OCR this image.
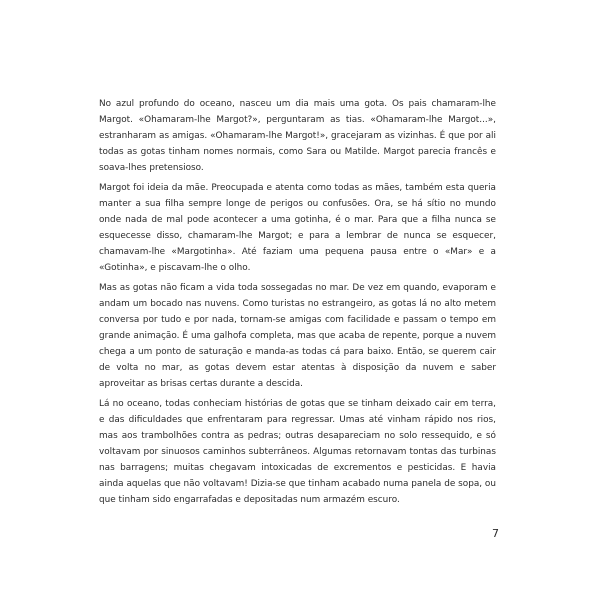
No azul profundo do oceano, nasceu um dia mais uma gota. Os pais chamaram-lhe Margot. «Ohamaram-lhe Margot?», perguntaram as tias. «Ohamaram-lhe Margot...», estranharam as amigas. «Ohamaram-lhe Margot!», gracejaram as vizinhas. É que por ali todas as gotas tinham nomes normais, como Sara ou Matilde. Margot parecia francês e soava-lhes pretensioso.

Margot foi ideia da mãe. Preocupada e atenta como todas as mães, também esta queria manter a sua filha sempre longe de perigos ou confusões. Ora, se há sítio no mundo onde nada de mal pode acontecer a uma gotinha, é o mar. Para que a filha nunca se esquecesse disso, chamaram-lhe Margot; e para a lembrar de nunca se esquecer, chamavam-lhe «Margotinha». Até faziam uma pequena pausa entre o «Mar» e a «Gotinha», e piscavam-lhe o olho.

Mas as gotas não ficam a vida toda sossegadas no mar. De vez em quando, evaporam e andam um bocado nas nuvens. Como turistas no estrangeiro, as gotas lá no alto metem conversa por tudo e por nada, tornam-se amigas com facilidade e passam o tempo em grande animação. É uma galhofa completa, mas que acaba de repente, porque a nuvem chega a um ponto de saturação e manda-as todas cá para baixo. Então, se querem cair de volta no mar, as gotas devem estar atentas à disposição da nuvem e saber aproveitar as brisas certas durante a descida.

Lá no oceano, todas conheciam histórias de gotas que se tinham deixado cair em terra, e das dificuldades que enfrentaram para regressar. Umas até vinham rápido nos rios, mas aos trambolhões contra as pedras; outras desapareciam no solo ressequido, e só voltavam por sinuosos caminhos subterrâneos. Algumas retornavam tontas das turbinas nas barragens; muitas chegavam intoxicadas de excrementos e pesticidas. E havia ainda aquelas que não voltavam! Dizia-se que tinham acabado numa panela de sopa, ou que tinham sido engarrafadas e depositadas num armazém escuro.

7
